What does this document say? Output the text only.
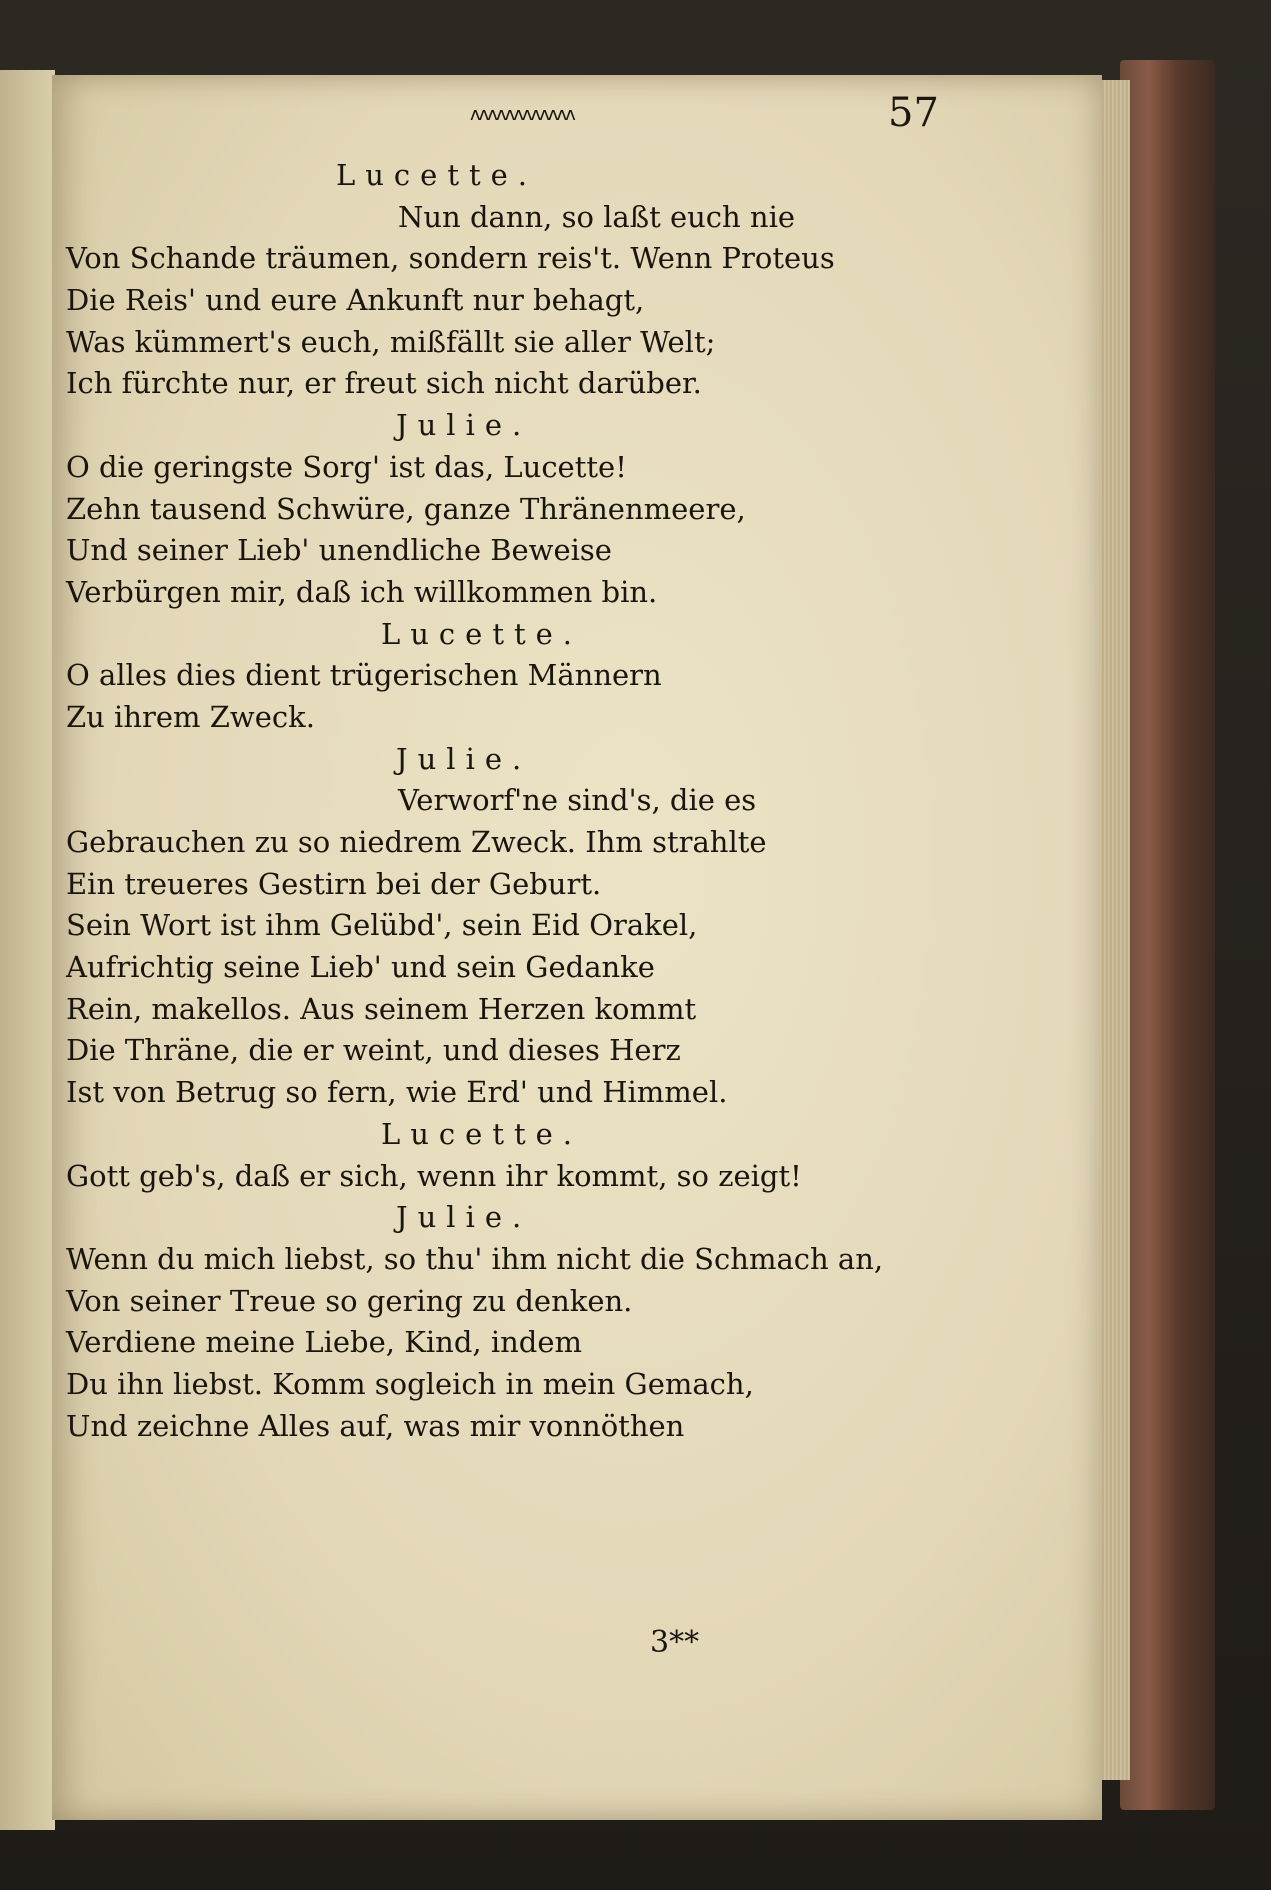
ᴧᴧᴧᴧᴧᴧᴧᴧᴧᴧᴧᴧ	57
Lucette.
Nun dann, so laßt euch nie
Von Schande träumen, sondern reis't. Wenn Proteus
Die Reis' und eure Ankunft nur behagt,
Was kümmert's euch, mißfällt sie aller Welt;
Ich fürchte nur, er freut sich nicht darüber.
Julie.
O die geringste Sorg' ist das, Lucette!
Zehn tausend Schwüre, ganze Thränenmeere,
Und seiner Lieb' unendliche Beweise
Verbürgen mir, daß ich willkommen bin.
Lucette.
O alles dies dient trügerischen Männern
Zu ihrem Zweck.
Julie.
Verworf'ne sind's, die es
Gebrauchen zu so niedrem Zweck. Ihm strahlte
Ein treueres Gestirn bei der Geburt.
Sein Wort ist ihm Gelübd', sein Eid Orakel,
Aufrichtig seine Lieb' und sein Gedanke
Rein, makellos. Aus seinem Herzen kommt
Die Thräne, die er weint, und dieses Herz
Ist von Betrug so fern, wie Erd' und Himmel.
Lucette.
Gott geb's, daß er sich, wenn ihr kommt, so zeigt!
Julie.
Wenn du mich liebst, so thu' ihm nicht die Schmach an,
Von seiner Treue so gering zu denken.
Verdiene meine Liebe, Kind, indem
Du ihn liebst. Komm sogleich in mein Gemach,
Und zeichne Alles auf, was mir vonnöthen
3**
